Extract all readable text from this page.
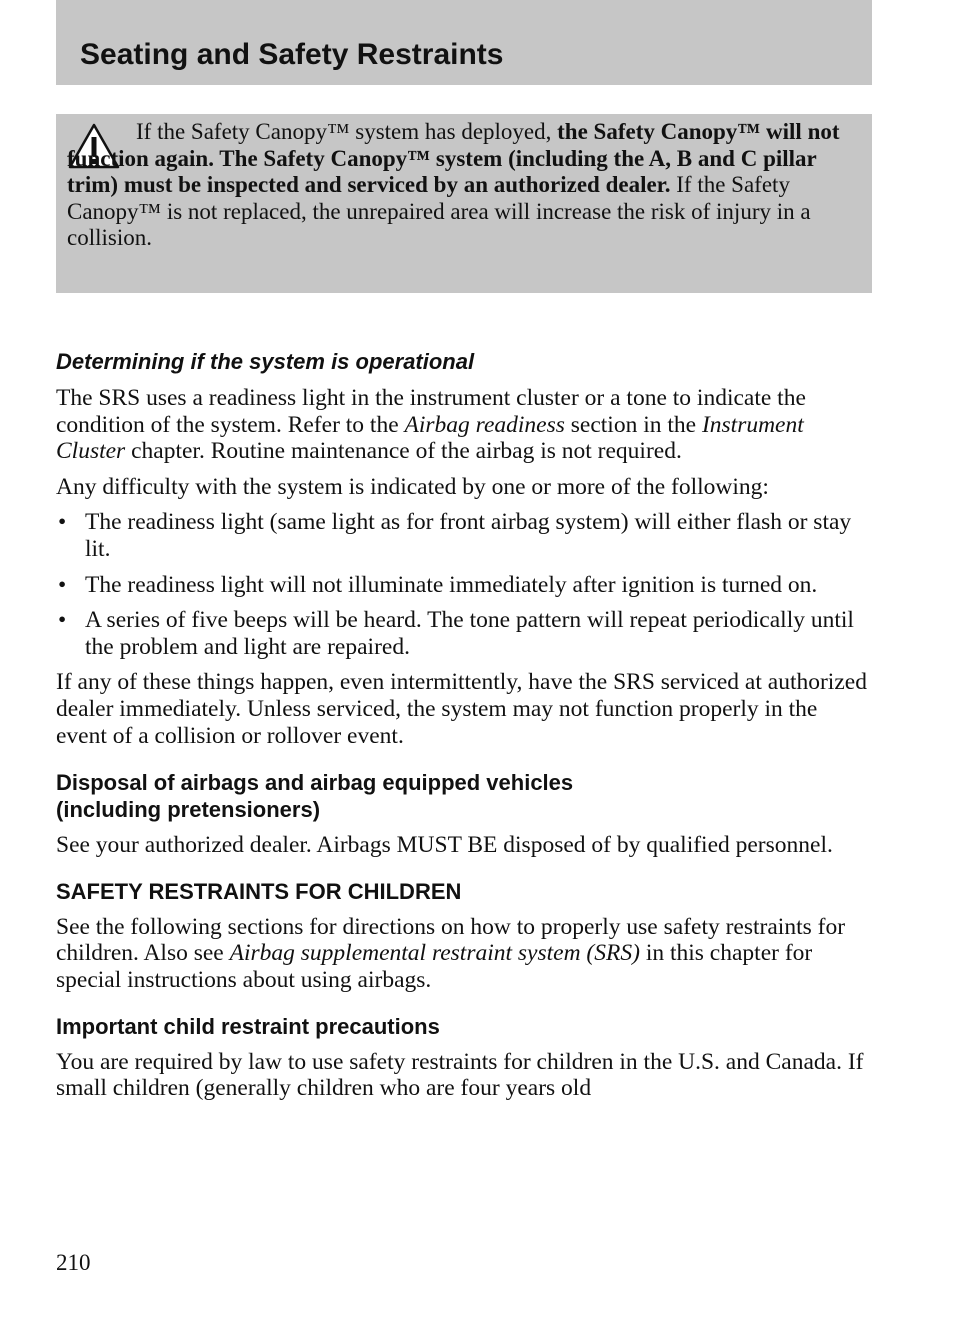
Seating and Safety Restraints

If the Safety Canopy™ system has deployed, the Safety Canopy™ will not function again. The Safety Canopy™ system (including the A, B and C pillar trim) must be inspected and serviced by an authorized dealer. If the Safety Canopy™ is not replaced, the unrepaired area will increase the risk of injury in a collision.

Determining if the system is operational

The SRS uses a readiness light in the instrument cluster or a tone to indicate the condition of the system. Refer to the Airbag readiness section in the Instrument Cluster chapter. Routine maintenance of the airbag is not required.

Any difficulty with the system is indicated by one or more of the following:

• The readiness light (same light as for front airbag system) will either flash or stay lit.
• The readiness light will not illuminate immediately after ignition is turned on.
• A series of five beeps will be heard. The tone pattern will repeat periodically until the problem and light are repaired.

If any of these things happen, even intermittently, have the SRS serviced at authorized dealer immediately. Unless serviced, the system may not function properly in the event of a collision or rollover event.

Disposal of airbags and airbag equipped vehicles
(including pretensioners)

See your authorized dealer. Airbags MUST BE disposed of by qualified personnel.

SAFETY RESTRAINTS FOR CHILDREN

See the following sections for directions on how to properly use safety restraints for children. Also see Airbag supplemental restraint system (SRS) in this chapter for special instructions about using airbags.

Important child restraint precautions

You are required by law to use safety restraints for children in the U.S. and Canada. If small children (generally children who are four years old

210
